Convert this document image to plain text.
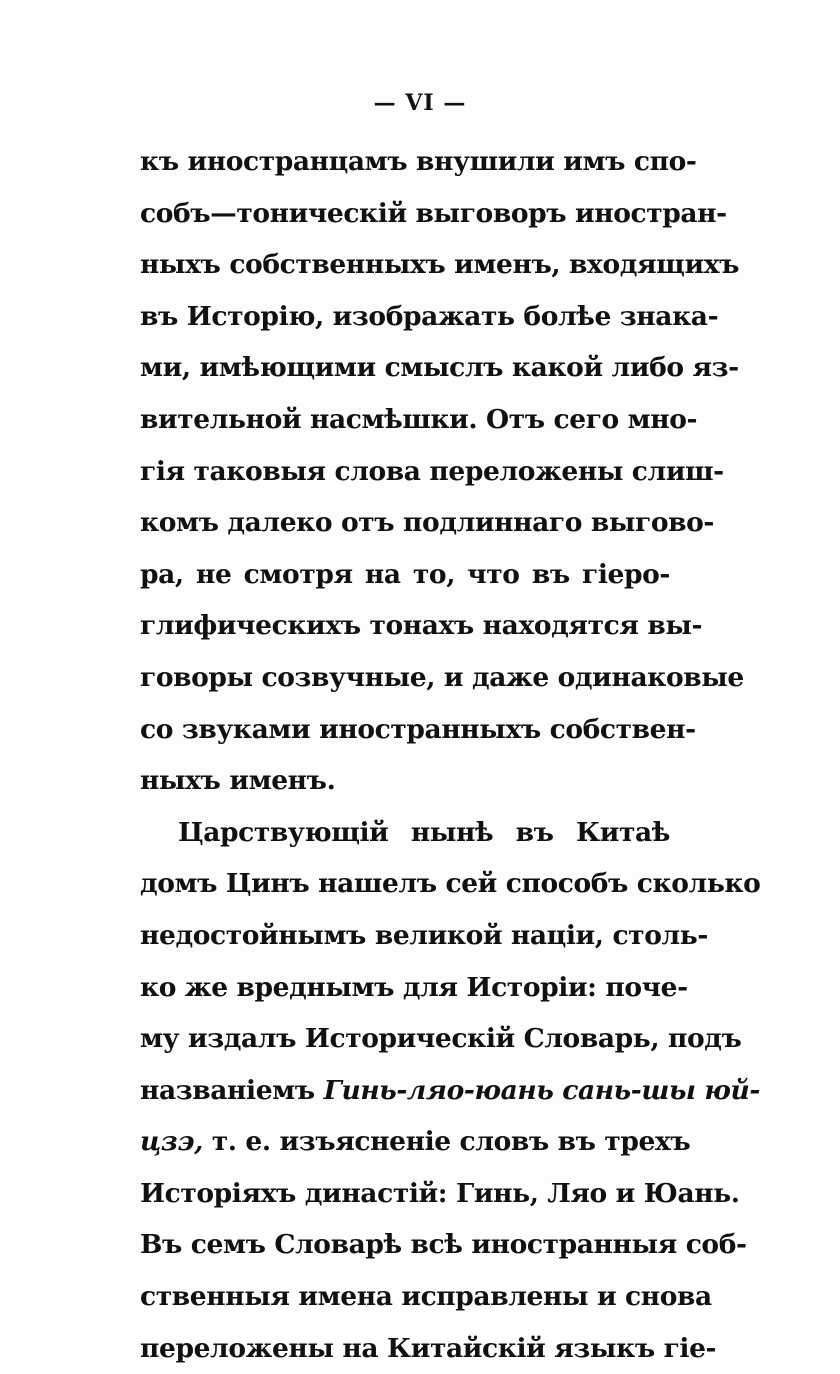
— VI —
къ иностранцамъ внушили имъ спо-
собъ—тоническій выговоръ иностран-
ныхъ собственныхъ именъ, входящихъ
въ Исторію, изображать болѣе знака-
ми, имѣющими смыслъ какой либо яз-
вительной насмѣшки. Отъ сего мно-
гія таковыя слова переложены слиш-
комъ далеко отъ подлиннаго выгово-
ра, не смотря на то, что въ гiеро-
глифическихъ тонахъ находятся вы-
говоры созвучные, и даже одинаковые
со звуками иностранныхъ собствен-
ныхъ именъ.
Царствующій нынѣ въ Китаѣ
домъ Цинъ нашелъ сей способъ сколько
недостойнымъ великой націи, столь-
ко же вреднымъ для Исторіи: поче-
му издалъ Историческій Словарь, подъ
названіемъ Гинь-ляо-юань сань-шы юй-
цзэ, т. е. изъясненіе словъ въ трехъ
Исторіяхъ династій: Гинь, Ляо и Юань.
Въ семъ Словарѣ всѣ иностранныя соб-
ственныя имена исправлены и снова
переложены на Китайскій языкъ гiе-
